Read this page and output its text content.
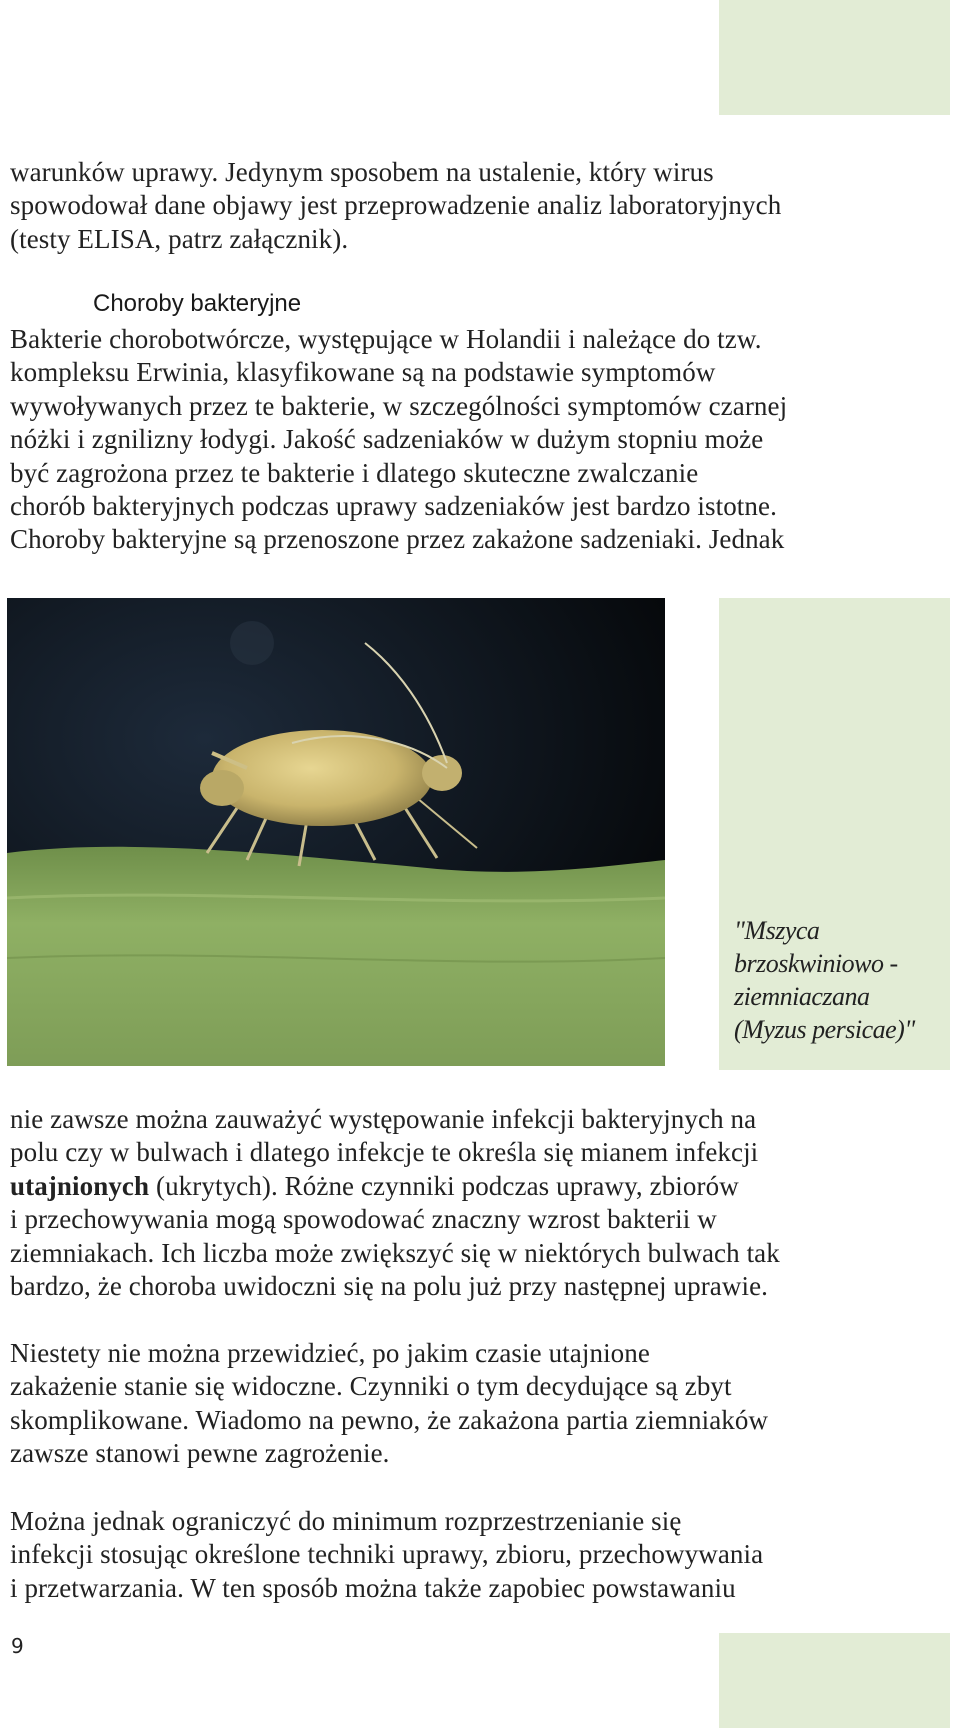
warunków uprawy. Jedynym sposobem na ustalenie, który wirus
spowodował dane objawy jest przeprowadzenie analiz laboratoryjnych
(testy ELISA, patrz załącznik).
Choroby bakteryjne
Bakterie chorobotwórcze, występujące w Holandii i należące do tzw.
kompleksu Erwinia, klasyfikowane są na podstawie symptomów
wywoływanych przez te bakterie, w szczególności symptomów czarnej
nóżki i zgnilizny łodygi. Jakość sadzeniaków w dużym stopniu może
być zagrożona przez te bakterie i dlatego skuteczne zwalczanie
chorób bakteryjnych podczas uprawy sadzeniaków jest bardzo istotne.
Choroby bakteryjne są przenoszone przez zakażone sadzeniaki. Jednak
"Mszyca
brzoskwiniowo -
ziemniaczana
(Myzus persicae)"
nie zawsze można zauważyć występowanie infekcji bakteryjnych na
polu czy w bulwach i dlatego infekcje te określa się mianem infekcji
utajnionych (ukrytych). Różne czynniki podczas uprawy, zbiorów
i przechowywania mogą spowodować znaczny wzrost bakterii w
ziemniakach. Ich liczba może zwiększyć się w niektórych bulwach tak
bardzo, że choroba uwidoczni się na polu już przy następnej uprawie.
Niestety nie można przewidzieć, po jakim czasie utajnione
zakażenie stanie się widoczne. Czynniki o tym decydujące są zbyt
skomplikowane. Wiadomo na pewno, że zakażona partia ziemniaków
zawsze stanowi pewne zagrożenie.
Można jednak ograniczyć do minimum rozprzestrzenianie się
infekcji stosując określone techniki uprawy, zbioru, przechowywania
i przetwarzania. W ten sposób można także zapobiec powstawaniu
9
